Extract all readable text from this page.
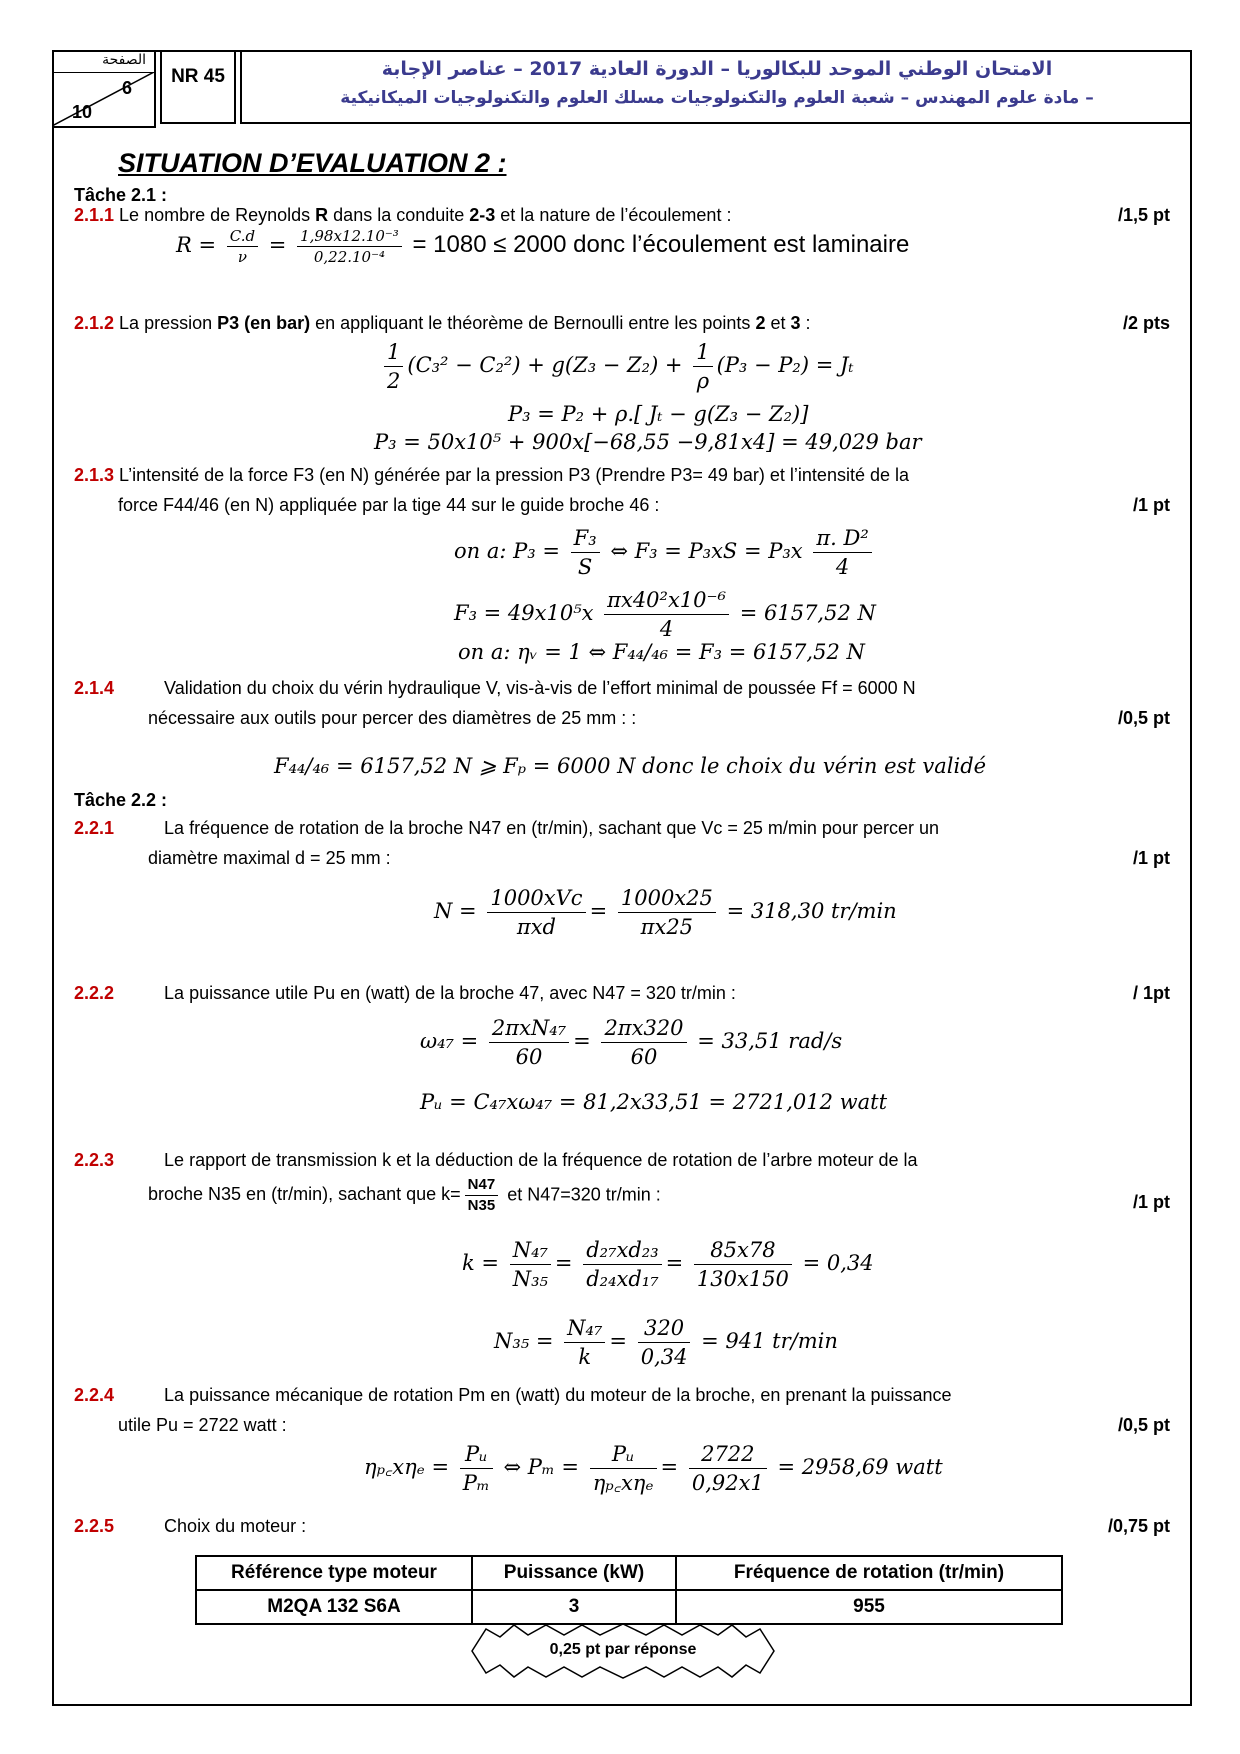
الصفحة
6
10
NR 45	الامتحان الوطني الموحد للبكالوريا – الدورة العادية 2017 – عناصر الإجابة
– مادة علوم المهندس – شعبة العلوم والتكنولوجيات مسلك العلوم والتكنولوجيات الميكانيكية
SITUATION D’EVALUATION 2 :
Tâche 2.1 :
2.1.1 Le nombre de Reynolds R dans la conduite 2-3 et la nature de l’écoulement :	/1,5 pt
$R = \frac{C.d}{\nu} = \frac{\text{1,98x12.10⁻³}}{\text{0,22.10⁻⁴}} = 1080 \le 2000$ donc l’écoulement est laminaire
2.1.2 La pression P3 (en bar) en appliquant le théorème de Bernoulli entre les points 2 et 3 :	/2 pts
$\frac{1}{2} (C_3^2 - C_2^2) + g(Z_3 - Z_2) + \frac{1}{\rho} (P_3 - P_2) = J_t$
P₃ = P₂ + ρ.[ Jₜ − g(Z₃ − Z₂)]
P₃ = 50x10⁵ + 900x[−68,55 −9,81x4] = 49,029 bar
2.1.3 L’intensité de la force F3 (en N) générée par la pression P3 (Prendre P3= 49 bar) et l’intensité de la
force F44/46 (en N) appliquée par la tige 44 sur le guide broche 46 :	/1 pt
on a: $P_3 = \frac{\text{F₃}}{S}$ ⇔ $F_3 = P_3xS = P_3x \frac{\text{π. D²}}{4}$
$F_3 = 49x10^5x \frac{\text{πx40²x10⁻⁶}}{4} = 6157,52$ N
on a: ηᵥ = 1 ⇔ F₄₄/₄₆ = F₃ = 6157,52 N
2.1.4	Validation du choix du vérin hydraulique V, vis-à-vis de l’effort minimal de poussée Ff = 6000 N
nécessaire aux outils pour percer des diamètres de 25 mm : :	/0,5 pt
F₄₄/₄₆ = 6157,52 N ⩾ Fₚ = 6000 N donc le choix du vérin est validé
Tâche 2.2 :
2.2.1	La fréquence de rotation de la broche N47 en (tr/min), sachant que Vc = 25 m/min pour percer un
diamètre maximal d = 25 mm :	/1 pt
N =
1000xVc
πxd
= $\frac{1000x25}{\pi x25} = 318,30$ tr/min
2.2.2	La puissance utile Pu en (watt) de la broche 47, avec N47 = 320 tr/min :	/ 1pt
ω₄₇ =
2πxN₄₇
60
= $\frac{2\pi x320}{60} = 33,51$ rad/s
Pᵤ = C₄₇xω₄₇ = 81,2x33,51 = 2721,012 watt
2.2.3	Le rapport de transmission k et la déduction de la fréquence de rotation de l’arbre moteur de la
broche N35 en (tr/min), sachant que $k= \frac{N47}{N35}$ et N47=320 tr/min :	/1 pt
$k = \frac{\text{N₄₇}}{\text{N₃₅}} = \frac{\text{d₂₇xd₂₃}}{\text{d₂₄xd₁₇}} = \frac{85x78}{130x150} = 0,34$
$N_{35} = \frac{\text{N₄₇}}{k} = \frac{320}{0,34} = 941$ tr/min
2.2.4	La puissance mécanique de rotation Pm en (watt) du moteur de la broche, en prenant la puissance
utile Pu = 2722 watt :	/0,5 pt
ηₚ꜀xηₑ = $\frac{\text{Pᵤ}}{\text{Pₘ}}$ ⇔ Pₘ =
Pᵤ
ηₚ꜀xηₑ
= $\frac{2722}{0,92x1} = 2958,69$ watt
2.2.5	Choix du moteur :	/0,75 pt
Référence type moteur	Puissance (kW)	Fréquence de rotation (tr/min)
M2QA 132 S6A	3	955
0,25 pt par réponse
